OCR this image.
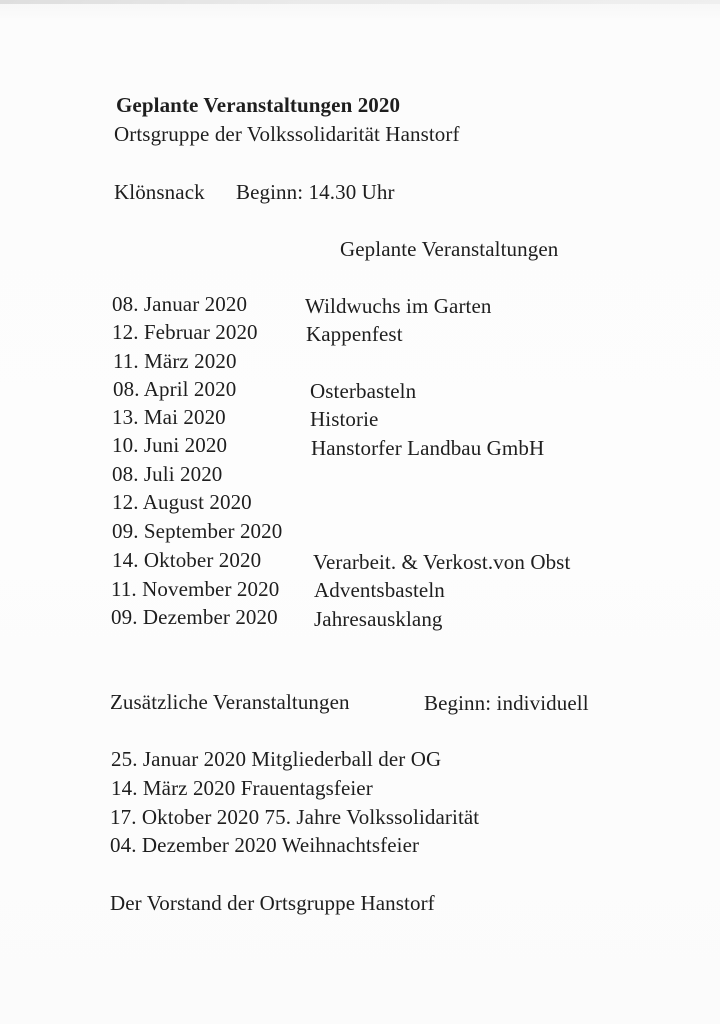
Geplante Veranstaltungen 2020
Ortsgruppe der Volkssolidarität Hanstorf
Klönsnack Beginn: 14.30 Uhr
Geplante Veranstaltungen
08. Januar 2020	Wildwuchs im Garten
12. Februar 2020 Kappenfest
11. März 2020
08. April 2020	Osterbasteln
13. Mai 2020	Historie
10. Juni 2020	Hanstorfer Landbau GmbH
08. Juli 2020
12. August 2020
09. September 2020
14. Oktober 2020 Verarbeit. & Verkost.von Obst
11. November 2020 Adventsbasteln
09. Dezember 2020 Jahresausklang
Zusätzliche Veranstaltungen	Beginn: individuell
25. Januar 2020 Mitgliederball der OG
14. März 2020 Frauentagsfeier
17. Oktober 2020 75. Jahre Volkssolidarität
04. Dezember 2020 Weihnachtsfeier
Der Vorstand der Ortsgruppe Hanstorf
